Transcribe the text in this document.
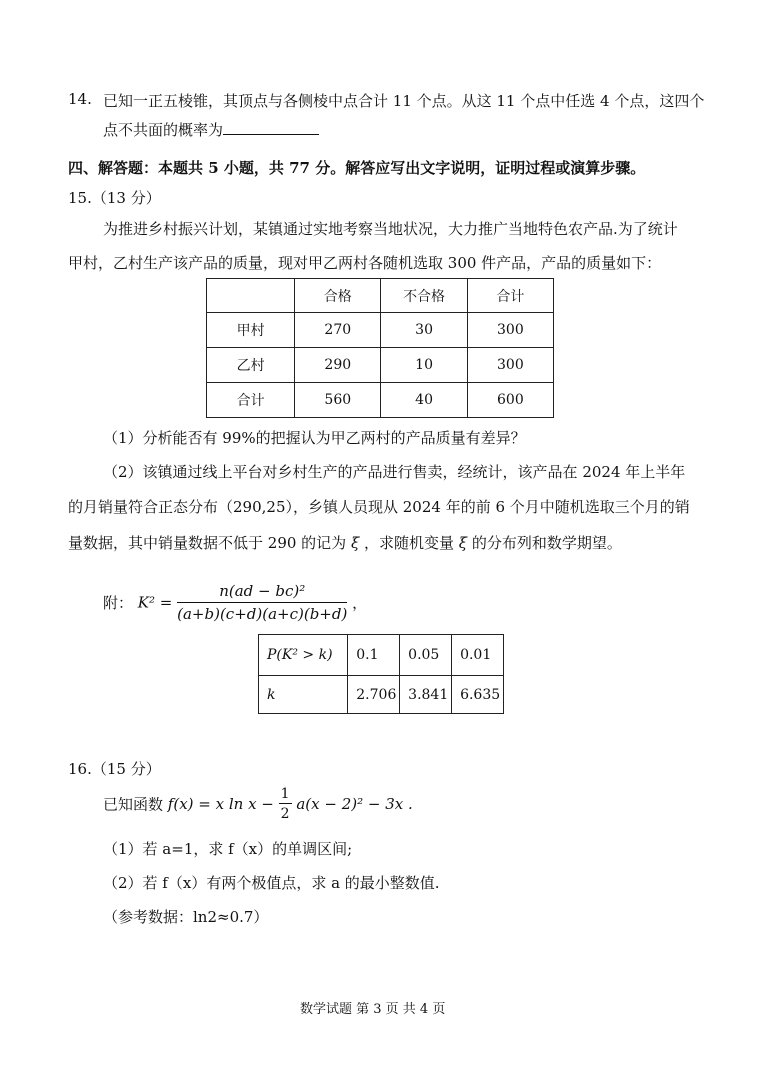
14. 已知一正五棱锥，其顶点与各侧棱中点合计 11 个点。从这 11 个点中任选 4 个点，这四个
点不共面的概率为
四、解答题：本题共 5 小题，共 77 分。解答应写出文字说明，证明过程或演算步骤。
15.（13 分）
为推进乡村振兴计划，某镇通过实地考察当地状况，大力推广当地特色农产品.为了统计
甲村，乙村生产该产品的质量，现对甲乙两村各随机选取 300 件产品，产品的质量如下：
	合格	不合格	合计
甲村	270	30	300
乙村	290	10	300
合计	560	40	600
（1）分析能否有 99%的把握认为甲乙两村的产品质量有差异？
（2）该镇通过线上平台对乡村生产的产品进行售卖，经统计，该产品在 2024 年上半年
的月销量符合正态分布（290,25），乡镇人员现从 2024 年的前 6 个月中随机选取三个月的销
量数据，其中销量数据不低于 290 的记为 ξ ，求随机变量 ξ 的分布列和数学期望。
附： $K^2 = \frac{\text{n(ad − bc)²}}{(a+b)(c+d)(a+c)(b+d)}$ ，
P(K² > k)	0.1	0.05	0.01
k	2.706	3.841	6.635
16.（15 分）
已知函数 f(x) = x $\ln x - \frac{1}{2} a(x - 2)^2 - 3x$ .
（1）若 a=1，求 f（x）的单调区间;
（2）若 f（x）有两个极值点，求 a 的最小整数值.
（参考数据：ln2≈0.7）
数学试题 第 3 页 共 4 页
